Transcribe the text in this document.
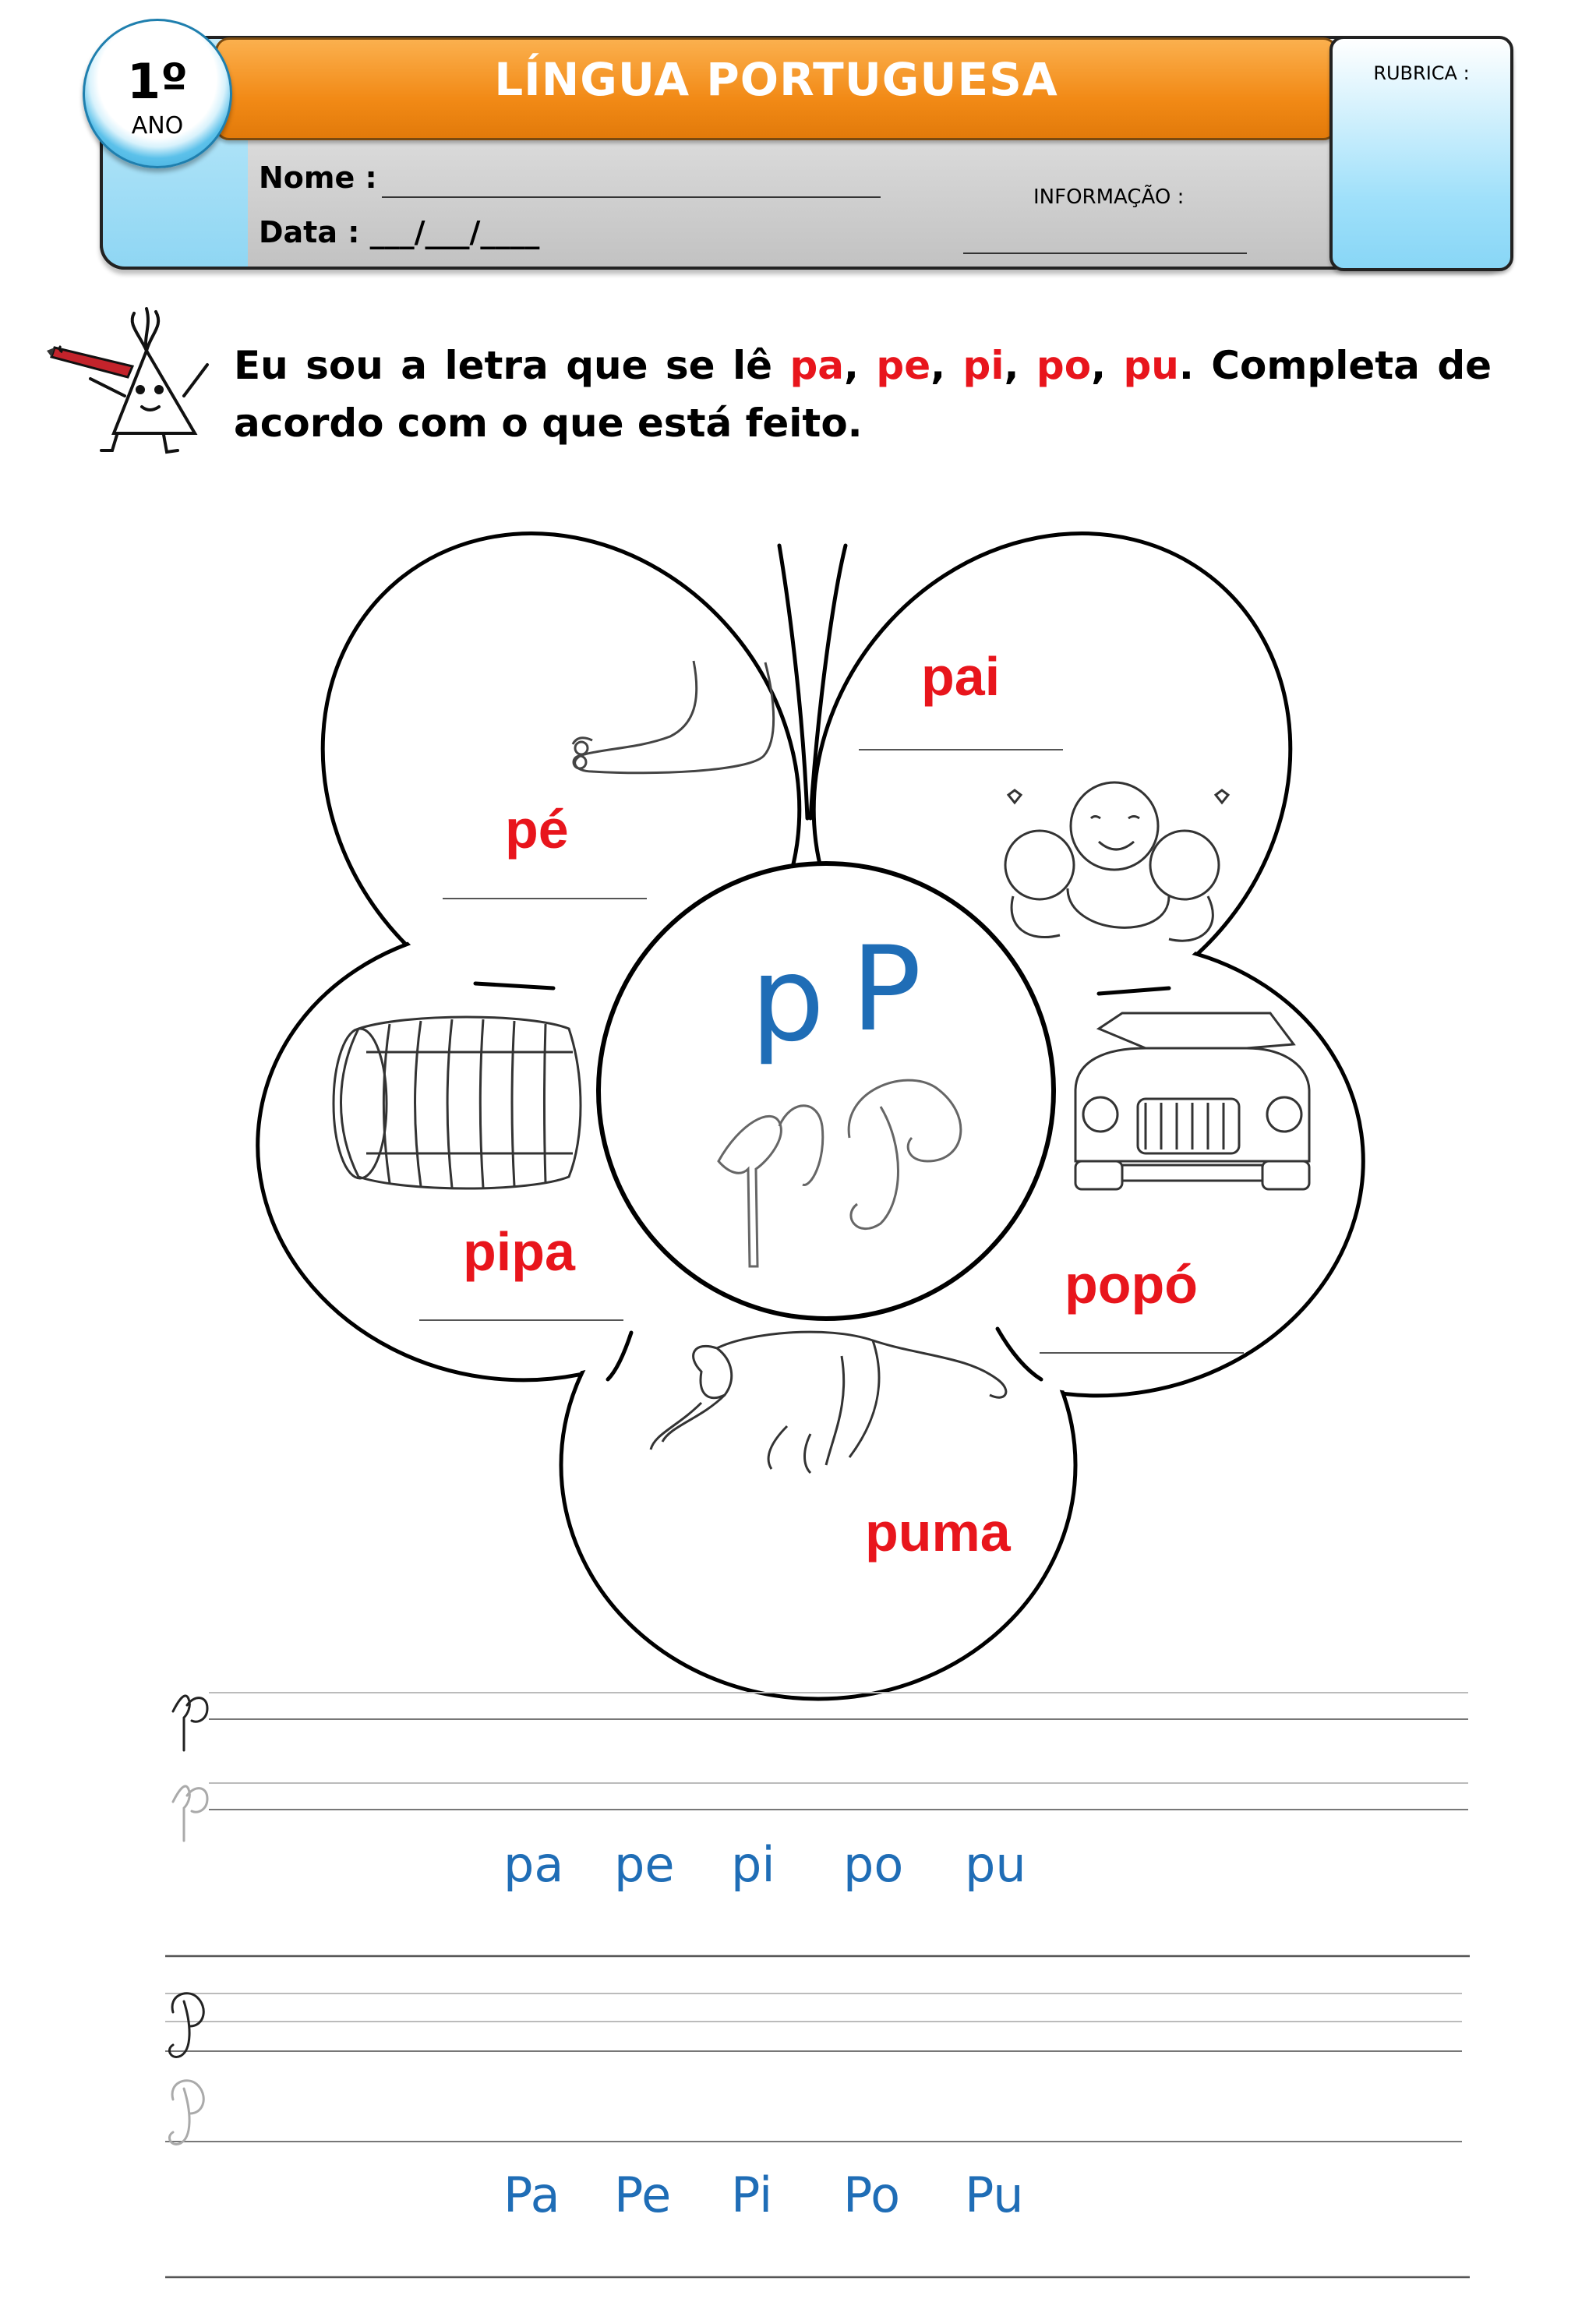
LÍNGUA PORTUGUESA	RUBRICA :
1º
ANO
Nome :
Data : ___/___/____
INFORMAÇÃO :
Eu sou a letra que se lê pa, pe, pi, po, pu. Completa de acordo com o que está feito.
p P
pé
pai
pipa
popó
puma
pa pe pi po pu
Pa Pe Pi Po Pu
